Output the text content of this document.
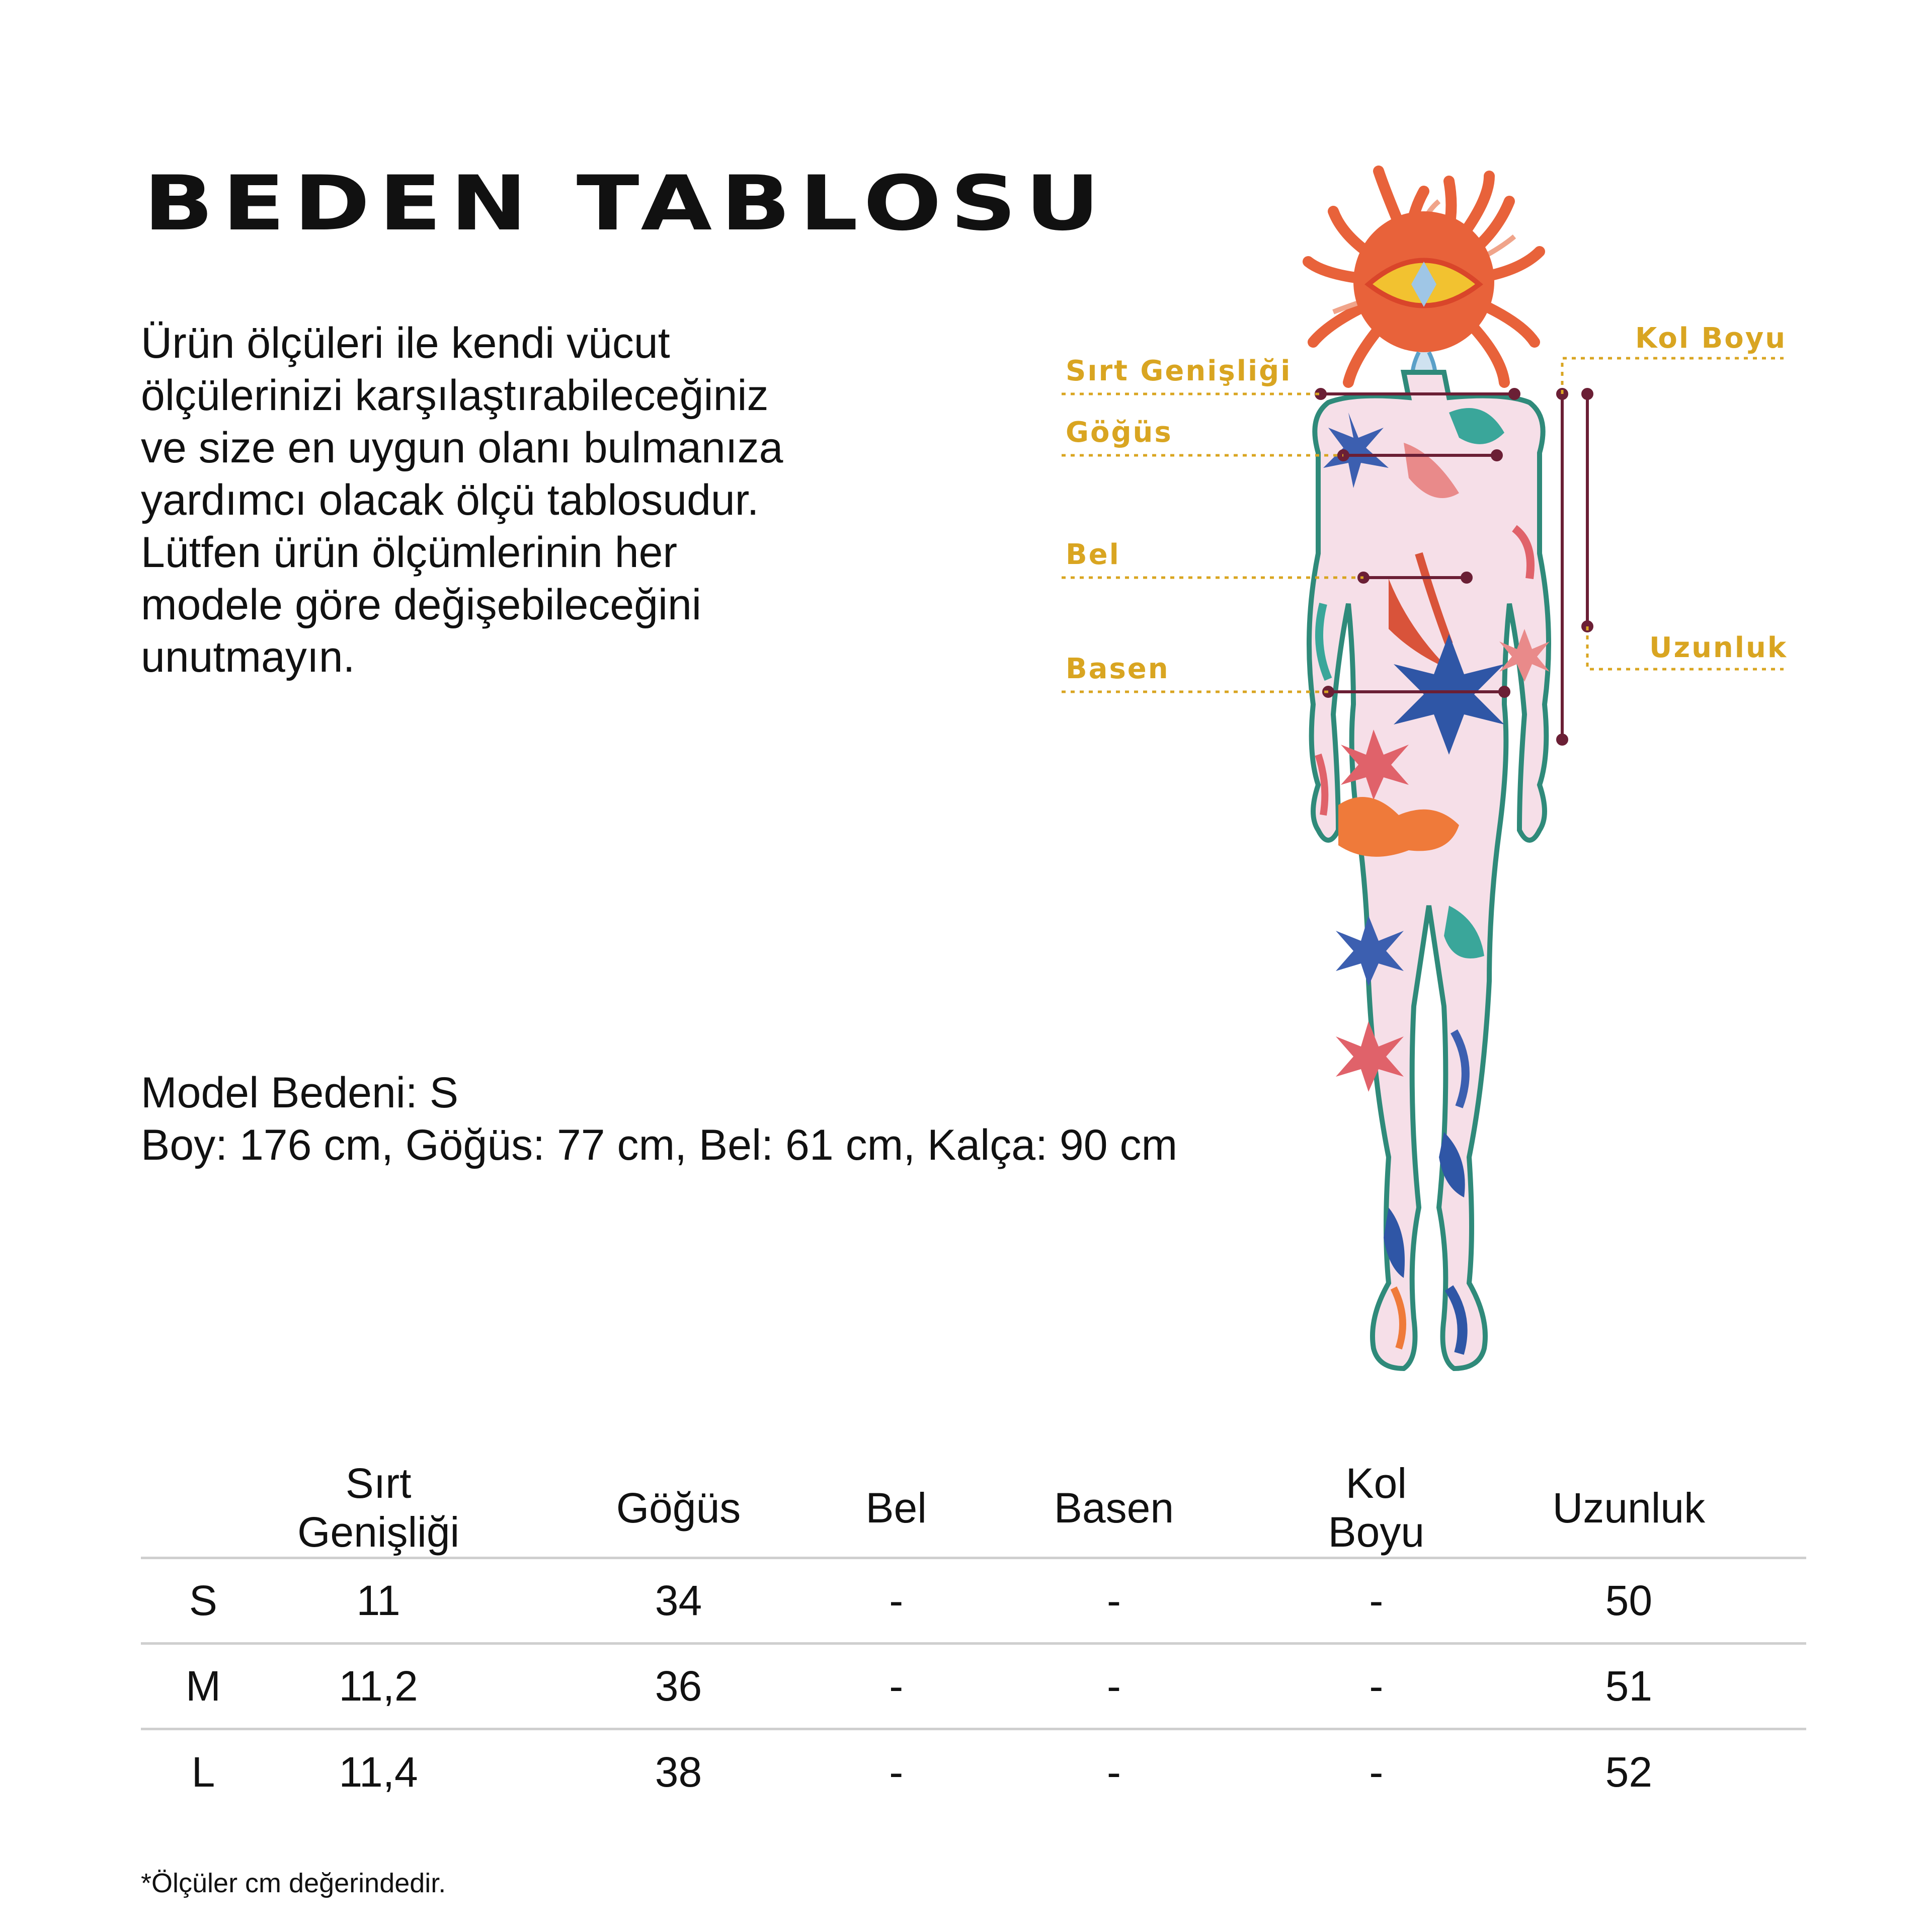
BEDEN TABLOSU
Ürün ölçüleri ile kendi vücut
ölçülerinizi karşılaştırabileceğiniz
ve size en uygun olanı bulmanıza
yardımcı olacak ölçü tablosudur.
Lütfen ürün ölçümlerinin her
modele göre değişebileceğini
unutmayın.
Model Bedeni: S
Boy: 176 cm, Göğüs: 77 cm, Bel: 61 cm, Kalça: 90 cm
Sırt Genişliği
Göğüs
Bel
Basen
Kol Boyu
Uzunluk
	Sırt Genişliği	Göğüs	Bel	Basen	Kol Boyu	Uzunluk
S	11	34	-	-	-	50
M	11,2	36	-	-	-	51
L	11,4	38	-	-	-	52
*Ölçüler cm değerindedir.
